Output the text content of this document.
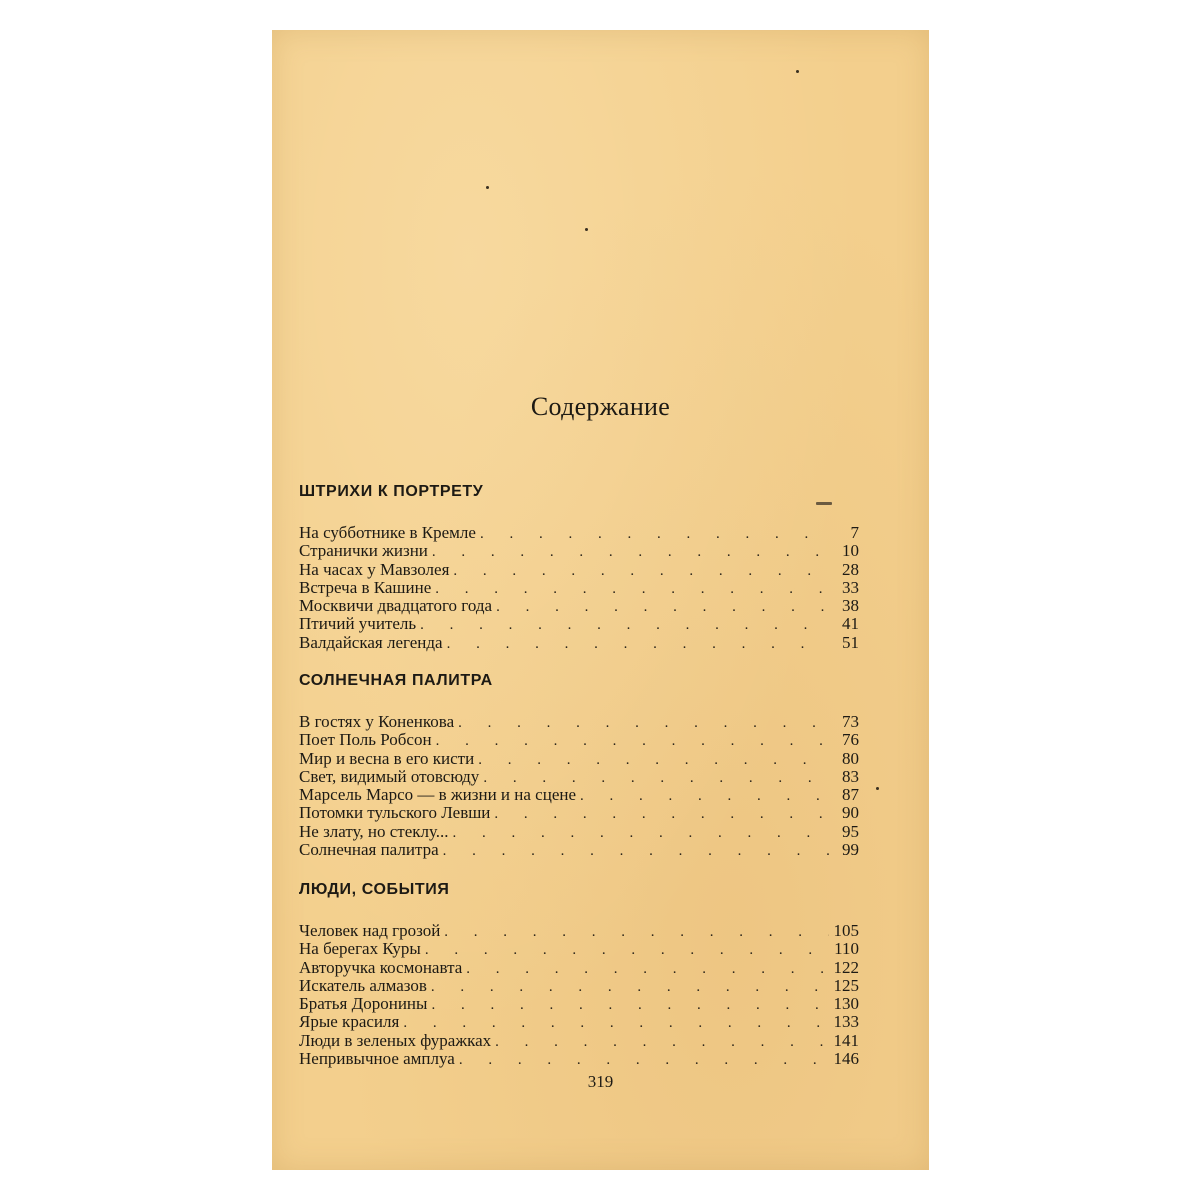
Содержание
ШТРИХИ К ПОРТРЕТУ
На субботнике в Кремле . . .	7
Странички жизни . . .	10
На часах у Мавзолея . . .	28
Встреча в Кашине . . .	33
Москвичи двадцатого года . . .	38
Птичий учитель . . .	41
Валдайская легенда . . .	51
СОЛНЕЧНАЯ ПАЛИТРА
В гостях у Коненкова . . .	73
Поет Поль Робсон . . .	76
Мир и весна в его кисти . . .	80
Свет, видимый отовсюду . . .	83
Марсель Марсо — в жизни и на сцене . . .	87
Потомки тульского Левши . . .	90
Не злату, но стеклу... . . .	95
Солнечная палитра . . .	99
ЛЮДИ, СОБЫТИЯ
Человек над грозой . . .	105
На берегах Куры . . .	110
Авторучка космонавта . . .	122
Искатель алмазов . . .	125
Братья Доронины . . .	130
Ярые красиля . . .	133
Люди в зеленых фуражках . . .	141
Непривычное амплуа . . .	146
319
